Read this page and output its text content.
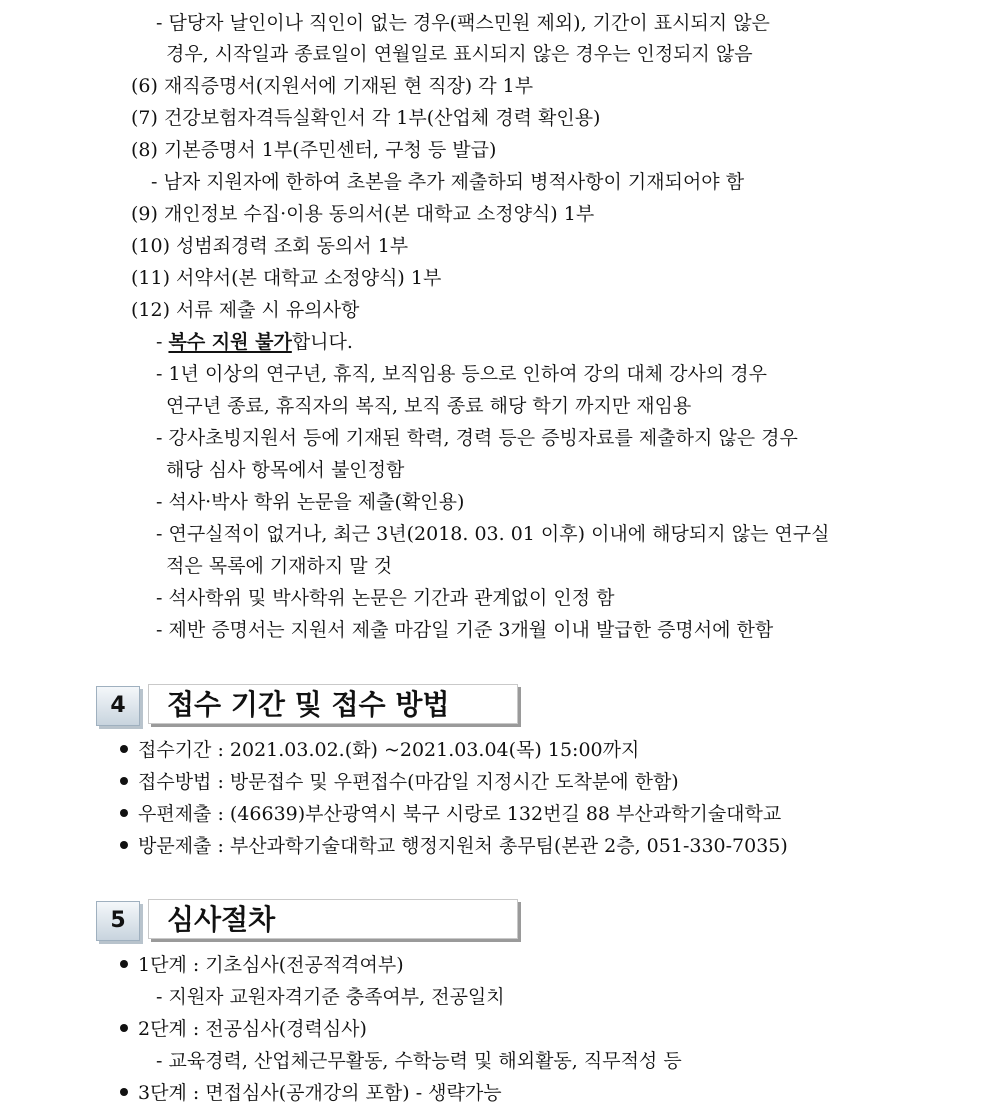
- 담당자 날인이나 직인이 없는 경우(팩스민원 제외), 기간이 표시되지 않은
경우, 시작일과 종료일이 연월일로 표시되지 않은 경우는 인정되지 않음
(6) 재직증명서(지원서에 기재된 현 직장) 각 1부
(7) 건강보험자격득실확인서 각 1부(산업체 경력 확인용)
(8) 기본증명서 1부(주민센터, 구청 등 발급)
- 남자 지원자에 한하여 초본을 추가 제출하되 병적사항이 기재되어야 함
(9) 개인정보 수집·이용 동의서(본 대학교 소정양식) 1부
(10) 성범죄경력 조회 동의서 1부
(11) 서약서(본 대학교 소정양식) 1부
(12) 서류 제출 시 유의사항
- 복수 지원 불가합니다.
- 1년 이상의 연구년, 휴직, 보직임용 등으로 인하여 강의 대체 강사의 경우
연구년 종료, 휴직자의 복직, 보직 종료 해당 학기 까지만 재임용
- 강사초빙지원서 등에 기재된 학력, 경력 등은 증빙자료를 제출하지 않은 경우
해당 심사 항목에서 불인정함
- 석사·박사 학위 논문을 제출(확인용)
- 연구실적이 없거나, 최근 3년(2018. 03. 01 이후) 이내에 해당되지 않는 연구실
적은 목록에 기재하지 말 것
- 석사학위 및 박사학위 논문은 기간과 관계없이 인정 함
- 제반 증명서는 지원서 제출 마감일 기준 3개월 이내 발급한 증명서에 한함
4	접수 기간 및 접수 방법
접수기간 : 2021.03.02.(화) ~2021.03.04(목) 15:00까지
접수방법 : 방문접수 및 우편접수(마감일 지정시간 도착분에 한함)
우편제출 : (46639)부산광역시 북구 시랑로 132번길 88 부산과학기술대학교
방문제출 : 부산과학기술대학교 행정지원처 총무팀(본관 2층, 051-330-7035)
5	심사절차
1단계 : 기초심사(전공적격여부)
- 지원자 교원자격기준 충족여부, 전공일치
2단계 : 전공심사(경력심사)
- 교육경력, 산업체근무활동, 수학능력 및 해외활동, 직무적성 등
3단계 : 면접심사(공개강의 포함) - 생략가능
